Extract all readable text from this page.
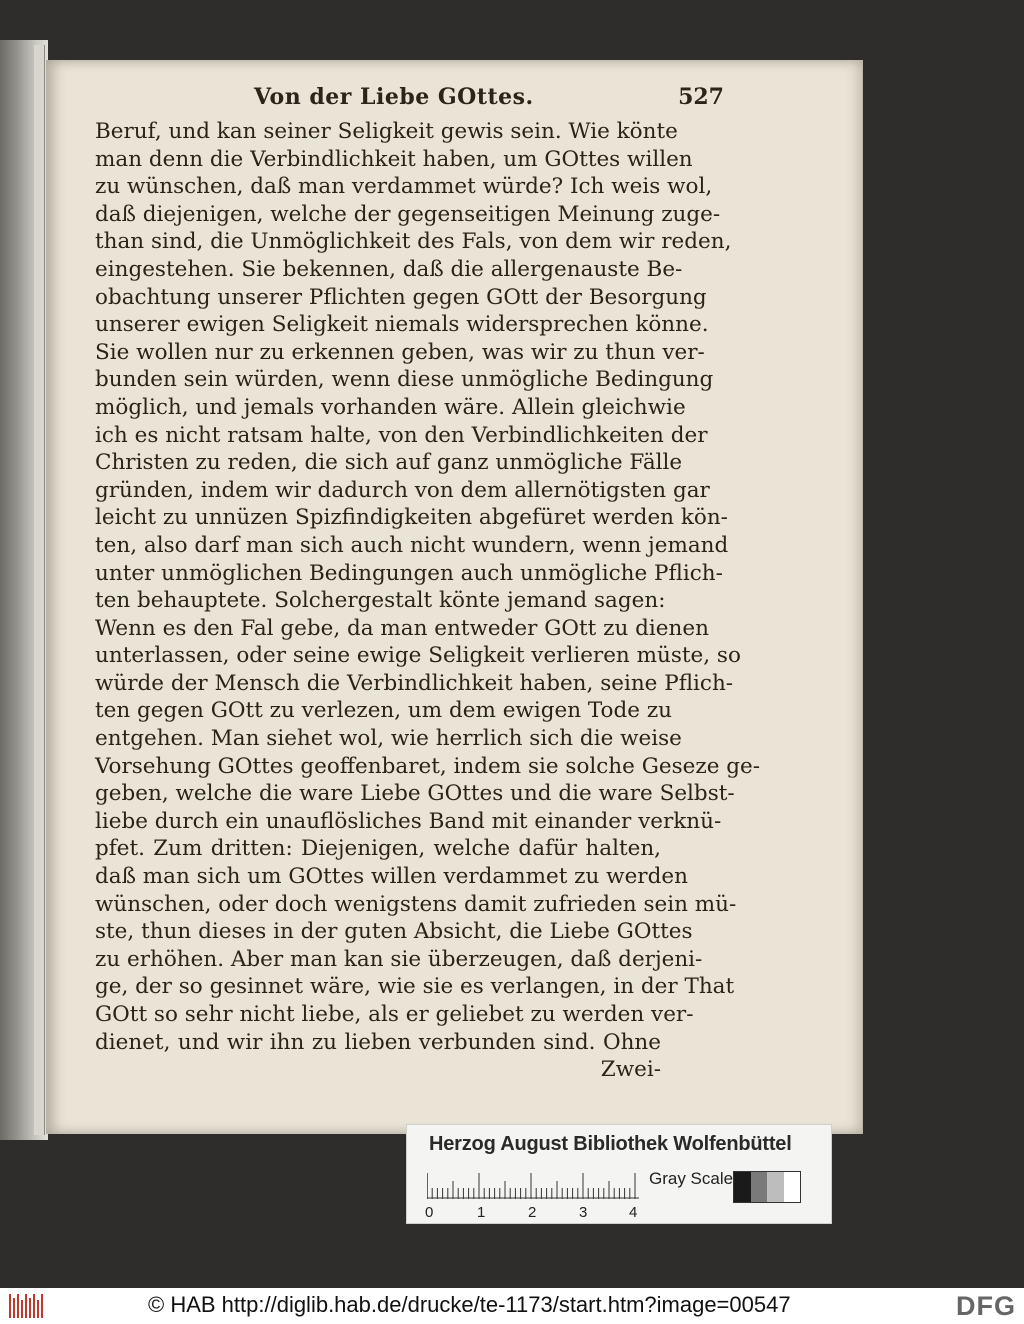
Von der Liebe GOttes.	527
Beruf, und kan seiner Seligkeit gewis sein. Wie könte
man denn die Verbindlichkeit haben, um GOttes willen
zu wünschen, daß man verdammet würde? Ich weis wol,
daß diejenigen, welche der gegenseitigen Meinung zuge-
than sind, die Unmöglichkeit des Fals, von dem wir reden,
eingestehen. Sie bekennen, daß die allergenauste Be-
obachtung unserer Pflichten gegen GOtt der Besorgung
unserer ewigen Seligkeit niemals widersprechen könne.
Sie wollen nur zu erkennen geben, was wir zu thun ver-
bunden sein würden, wenn diese unmögliche Bedingung
möglich, und jemals vorhanden wäre. Allein gleichwie
ich es nicht ratsam halte, von den Verbindlichkeiten der
Christen zu reden, die sich auf ganz unmögliche Fälle
gründen, indem wir dadurch von dem allernötigsten gar
leicht zu unnüzen Spizfindigkeiten abgefüret werden kön-
ten, also darf man sich auch nicht wundern, wenn jemand
unter unmöglichen Bedingungen auch unmögliche Pflich-
ten behauptete. Solchergestalt könte jemand sagen:
Wenn es den Fal gebe, da man entweder GOtt zu dienen
unterlassen, oder seine ewige Seligkeit verlieren müste, so
würde der Mensch die Verbindlichkeit haben, seine Pflich-
ten gegen GOtt zu verlezen, um dem ewigen Tode zu
entgehen. Man siehet wol, wie herrlich sich die weise
Vorsehung GOttes geoffenbaret, indem sie solche Geseze ge-
geben, welche die ware Liebe GOttes und die ware Selbst-
liebe durch ein unauflösliches Band mit einander verknü-
pfet. Zum dritten: Diejenigen, welche dafür halten,
daß man sich um GOttes willen verdammet zu werden
wünschen, oder doch wenigstens damit zufrieden sein mü-
ste, thun dieses in der guten Absicht, die Liebe GOttes
zu erhöhen. Aber man kan sie überzeugen, daß derjeni-
ge, der so gesinnet wäre, wie sie es verlangen, in der That
GOtt so sehr nicht liebe, als er geliebet zu werden ver-
dienet, und wir ihn zu lieben verbunden sind. Ohne
Zwei-
Herzog August Bibliothek Wolfenbüttel
0	1	2	3	4
Gray Scale
© HAB http://diglib.hab.de/drucke/te-1173/start.htm?image=00547	DFG
